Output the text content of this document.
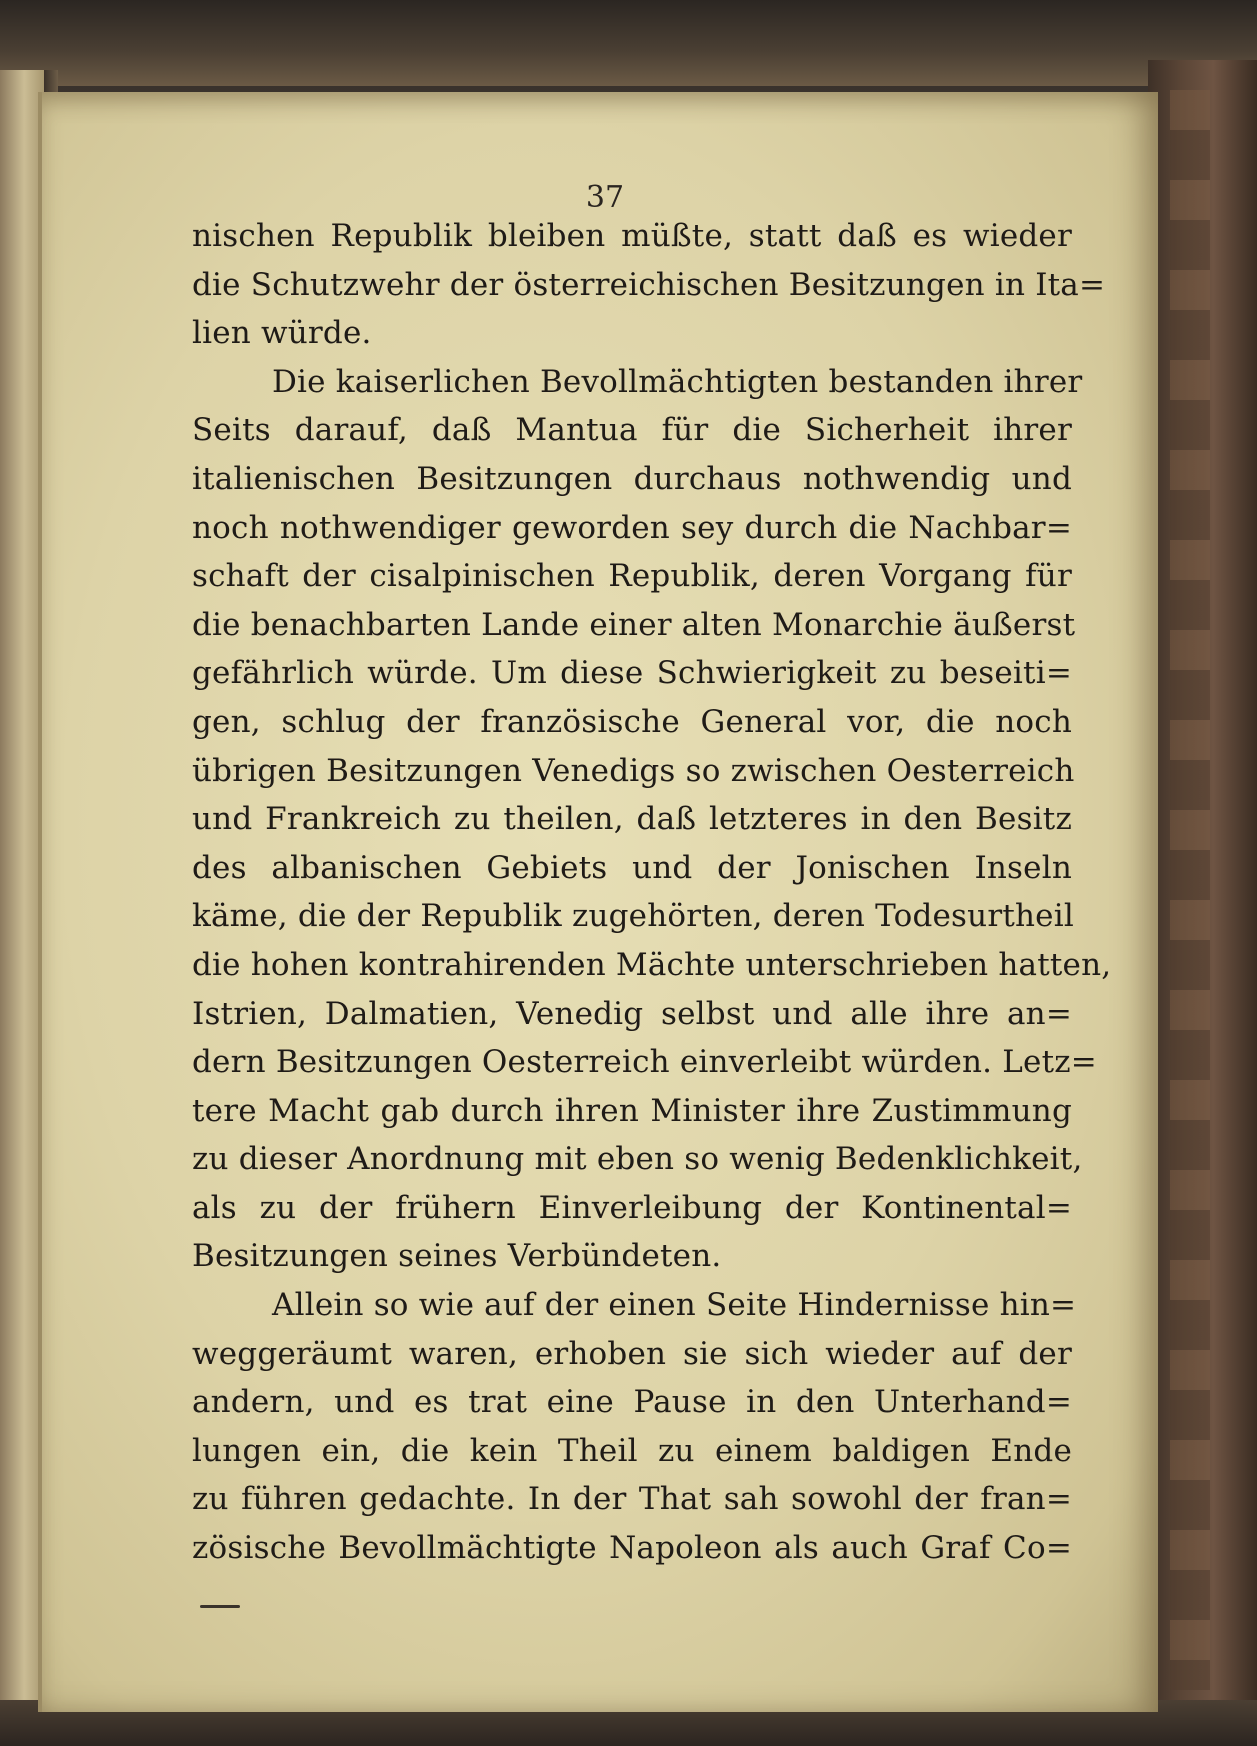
37
nischen Republik bleiben müßte, statt daß es wieder
die Schutzwehr der österreichischen Besitzungen in Ita=
lien würde.
Die kaiserlichen Bevollmächtigten bestanden ihrer
Seits darauf, daß Mantua für die Sicherheit ihrer
italienischen Besitzungen durchaus nothwendig und
noch nothwendiger geworden sey durch die Nachbar=
schaft der cisalpinischen Republik, deren Vorgang für
die benachbarten Lande einer alten Monarchie äußerst
gefährlich würde. Um diese Schwierigkeit zu beseiti=
gen, schlug der französische General vor, die noch
übrigen Besitzungen Venedigs so zwischen Oesterreich
und Frankreich zu theilen, daß letzteres in den Besitz
des albanischen Gebiets und der Jonischen Inseln
käme, die der Republik zugehörten, deren Todesurtheil
die hohen kontrahirenden Mächte unterschrieben hatten,
Istrien, Dalmatien, Venedig selbst und alle ihre an=
dern Besitzungen Oesterreich einverleibt würden. Letz=
tere Macht gab durch ihren Minister ihre Zustimmung
zu dieser Anordnung mit eben so wenig Bedenklichkeit,
als zu der frühern Einverleibung der Kontinental=
Besitzungen seines Verbündeten.
Allein so wie auf der einen Seite Hindernisse hin=
weggeräumt waren, erhoben sie sich wieder auf der
andern, und es trat eine Pause in den Unterhand=
lungen ein, die kein Theil zu einem baldigen Ende
zu führen gedachte. In der That sah sowohl der fran=
zösische Bevollmächtigte Napoleon als auch Graf Co=
